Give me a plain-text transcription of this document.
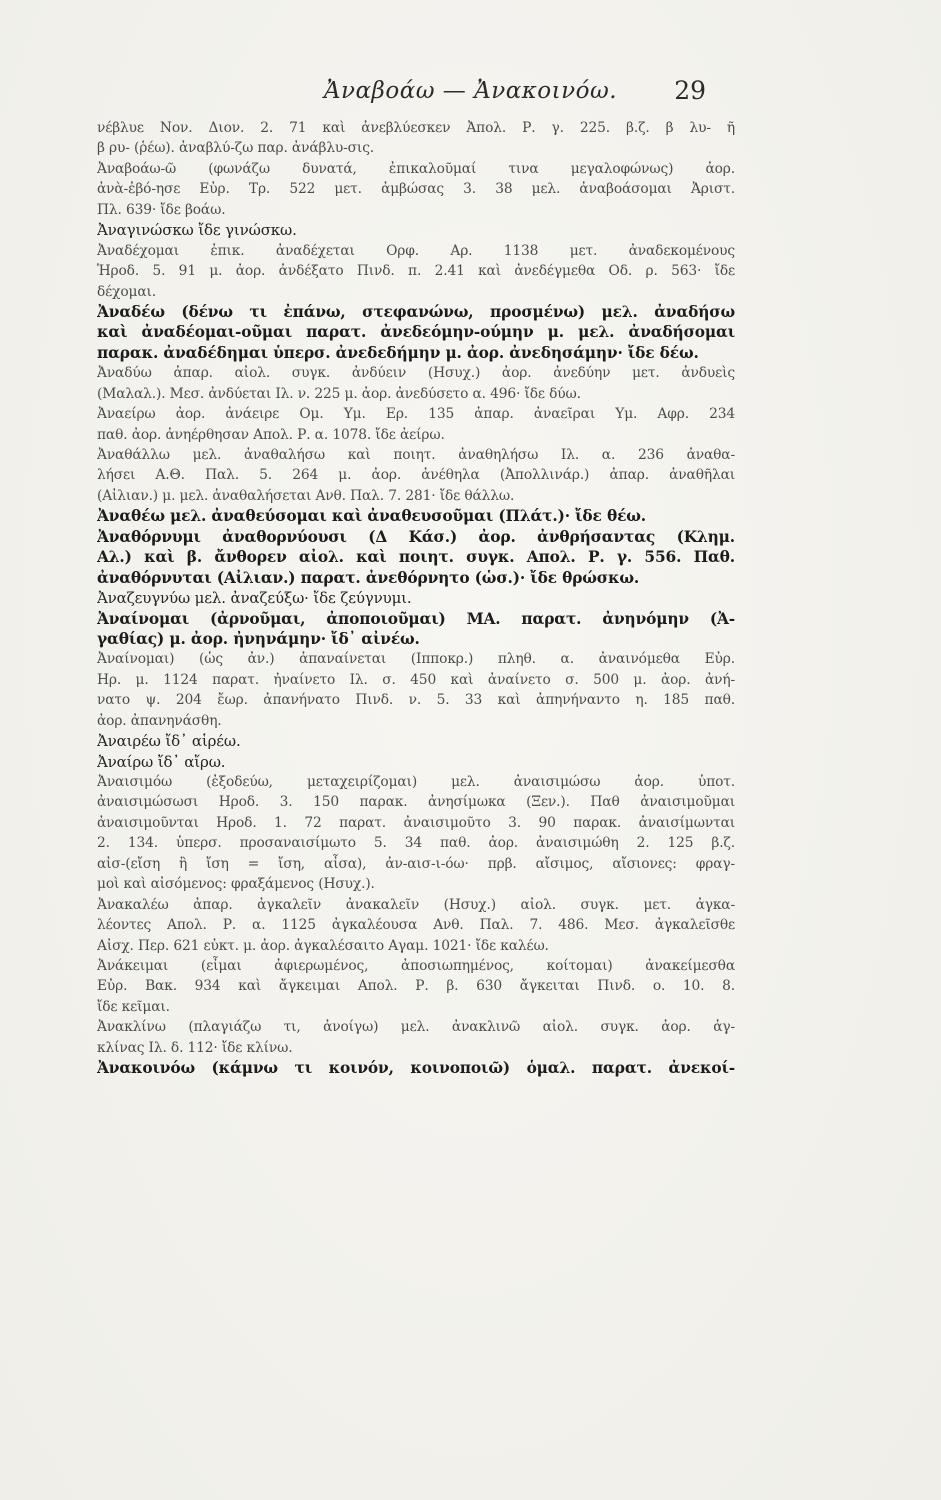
Ἀναβοάω — Ἀνακοινόω.	29
νέβλυε Νον. Διον. 2. 71 καὶ ἀνεβλύεσκεν Ἀπολ. Ρ. γ. 225. β.ζ. β λυ- ῆ
β ρυ- (ῥέω). ἀναβλύ-ζω παρ. ἀνάβλυ-σις.
Ἀναβοάω-ῶ (φωνάζω δυνατά, ἐπικαλοῦμαί τινα μεγαλοφώνως) ἀορ.
ἀνὰ-ἐβό-ησε Εὐρ. Τρ. 522 μετ. ἀμβώσας 3. 38 μελ. ἀναβοάσομαι Ἀριστ.
Πλ. 639· ἴδε βοάω.
Ἀναγινώσκω ἴδε γινώσκω.
Ἀναδέχομαι ἐπικ. ἀναδέχεται Ορφ. Αρ. 1138 μετ. ἀναδεκομένους
Ἡροδ. 5. 91 μ. ἀορ. ἀνδέξατο Πινδ. π. 2.41 καὶ ἀνεδέγμεθα Οδ. ρ. 563· ἴδε
δέχομαι.
Ἀναδέω (δένω τι ἐπάνω, στεφανώνω, προσμένω) μελ. ἀναδήσω
καὶ ἀναδέομαι-οῦμαι παρατ. ἀνεδεόμην-ούμην μ. μελ. ἀναδήσομαι
παρακ. ἀναδέδημαι ὑπερσ. ἀνεδεδήμην μ. ἀορ. ἀνεδησάμην· ἴδε δέω.
Ἀναδύω ἀπαρ. αἰολ. συγκ. ἀνδύειν (Ησυχ.) ἀορ. ἀνεδύην μετ. ἀνδυεὶς
(Μαλαλ.). Μεσ. ἀνδύεται Ιλ. ν. 225 μ. ἀορ. ἀνεδύσετο α. 496· ἴδε δύω.
Ἀναείρω ἀορ. ἀνάειρε Ομ. Υμ. Ερ. 135 ἀπαρ. ἀναεῖραι Υμ. Αφρ. 234
παθ. ἀορ. ἀνηέρθησαν Απολ. Ρ. α. 1078. ἴδε ἀείρω.
Ἀναθάλλω μελ. ἀναθαλήσω καὶ ποιητ. ἀναθηλήσω Ιλ. α. 236 ἀναθα-
λήσει Α.Θ. Παλ. 5. 264 μ. ἀορ. ἀνέθηλα (Ἀπολλινάρ.) ἀπαρ. ἀναθῆλαι
(Αἰλιαν.) μ. μελ. ἀναθαλήσεται Ανθ. Παλ. 7. 281· ἴδε θάλλω.
Ἀναθέω μελ. ἀναθεύσομαι καὶ ἀναθευσοῦμαι (Πλάτ.)· ἴδε θέω.
Ἀναθόρνυμι ἀναθορνύουσι (Δ Κάσ.) ἀορ. ἀνθρήσαντας (Κλημ.
Αλ.) καὶ β. ἄνθορεν αἰολ. καὶ ποιητ. συγκ. Απολ. Ρ. γ. 556. Παθ.
ἀναθόρνυται (Αἰλιαν.) παρατ. ἀνεθόρνητο (ὡσ.)· ἴδε θρώσκω.
Ἀναζευγνύω μελ. ἀναζεύξω· ἴδε ζεύγνυμι.
Ἀναίνομαι (ἀρνοῦμαι, ἀποποιοῦμαι) ΜΑ. παρατ. ἀνηνόμην (Ἀ-
γαθίας) μ. ἀορ. ἠνηνάμην· ἴδ᾽ αἰνέω.
Ἀναίνομαι) (ὡς ἀν.) ἀπαναίνεται (Ιπποκρ.) πληθ. α. ἀναινόμεθα Εὐρ.
Ηρ. μ. 1124 παρατ. ἠναίνετο Ιλ. σ. 450 καὶ ἀναίνετο σ. 500 μ. ἀορ. ἀνή-
νατο ψ. 204 ἔωρ. ἀπανήνατο Πινδ. ν. 5. 33 καὶ ἀπηνήναντο η. 185 παθ.
ἀορ. ἀπανηνάσθη.
Ἀναιρέω ἴδ᾽ αἱρέω.
Ἀναίρω ἴδ᾽ αἴρω.
Ἀναισιμόω (ἐξοδεύω, μεταχειρίζομαι) μελ. ἀναισιμώσω ἀορ. ὑποτ.
ἀναισιμώσωσι Ηροδ. 3. 150 παρακ. ἀνησίμωκα (Ξεν.). Παθ ἀναισιμοῦμαι
ἀναισιμοῦνται Ηροδ. 1. 72 παρατ. ἀναισιμοῦτο 3. 90 παρακ. ἀναισίμωνται
2. 134. ὑπερσ. προσαναισίμωτο 5. 34 παθ. ἀορ. ἀναισιμώθη 2. 125 β.ζ.
αἰσ-(εἴση ἢ ἴση = ἴση, αἶσα), ἀν-αισ-ι-όω· πρβ. αἴσιμος, αἴσιονες: φραγ-
μοὶ καὶ αἰσόμενος: φραξάμενος (Ησυχ.).
Ἀνακαλέω ἀπαρ. ἀγκαλεῖν ἀνακαλεῖν (Ησυχ.) αἰολ. συγκ. μετ. ἀγκα-
λέοντες Απολ. Ρ. α. 1125 ἀγκαλέουσα Ανθ. Παλ. 7. 486. Μεσ. ἀγκαλεῖσθε
Αἰσχ. Περ. 621 εὐκτ. μ. ἀορ. ἀγκαλέσαιτο Αγαμ. 1021· ἴδε καλέω.
Ἀνάκειμαι (εἶμαι ἀφιερωμένος, ἀποσιωπημένος, κοίτομαι) ἀνακείμεσθα
Εὐρ. Βακ. 934 καὶ ἄγκειμαι Απολ. Ρ. β. 630 ἄγκειται Πινδ. ο. 10. 8.
ἴδε κεῖμαι.
Ἀνακλίνω (πλαγιάζω τι, ἀνοίγω) μελ. ἀνακλινῶ αἰολ. συγκ. ἀορ. ἀγ-
κλίνας Ιλ. δ. 112· ἴδε κλίνω.
Ἀνακοινόω (κάμνω τι κοινόν, κοινοποιῶ) ὁμαλ. παρατ. ἀνεκοί-
